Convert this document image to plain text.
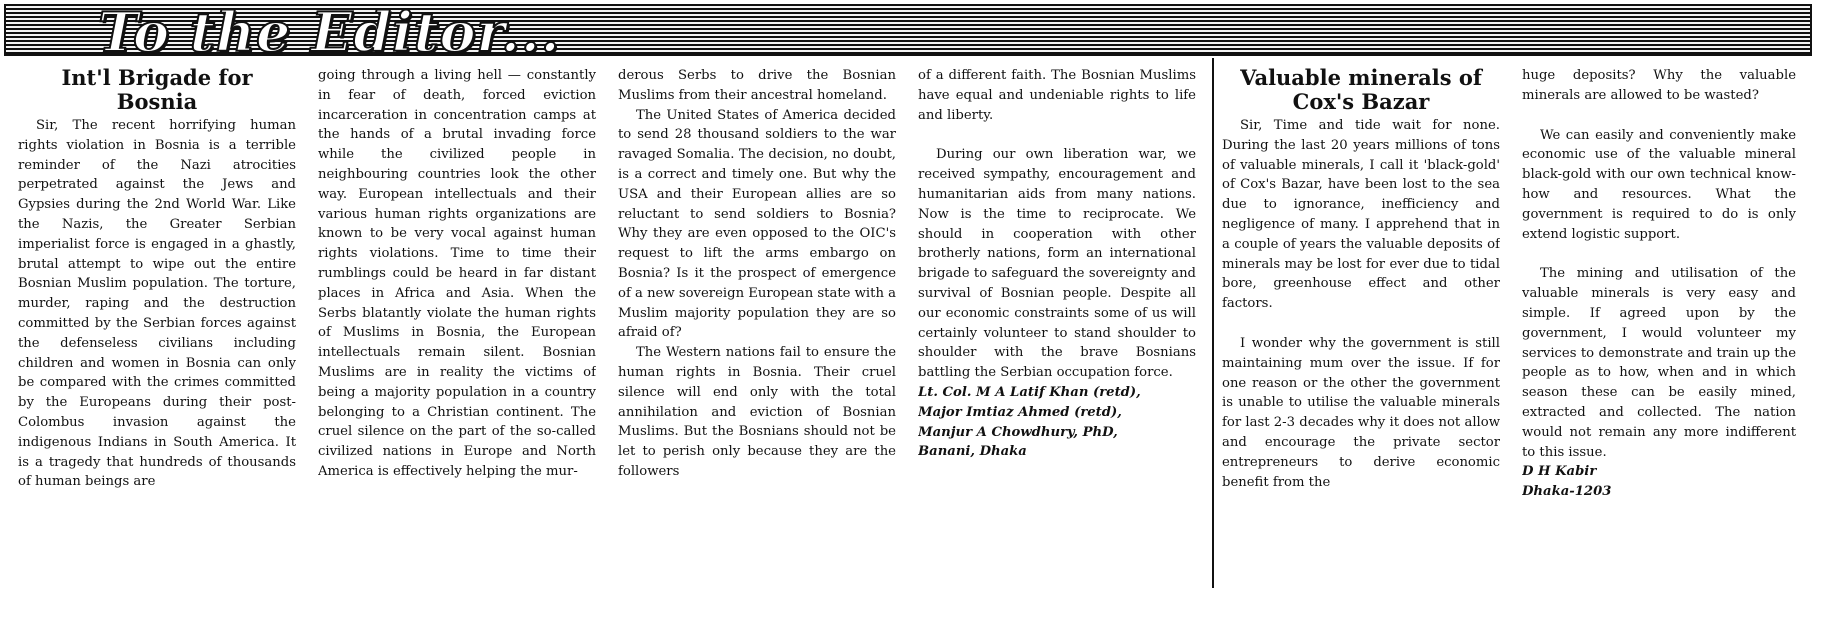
To the Editor...
Int'l Brigade for Bosnia

Sir, The recent horrifying human rights violation in Bosnia is a terrible reminder of the Nazi atrocities perpetrated against the Jews and Gypsies during the 2nd World War. Like the Nazis, the Greater Serbian imperialist force is engaged in a ghastly, brutal attempt to wipe out the entire Bosnian Muslim population. The torture, murder, raping and the destruction committed by the Serbian forces against the defenseless civilians including children and women in Bosnia can only be compared with the crimes committed by the Europeans during their post-Colombus invasion against the indigenous Indians in South America. It is a tragedy that hundreds of thousands of human beings are

going through a living hell — constantly in fear of death, forced eviction incarceration in concentration camps at the hands of a brutal invading force while the civilized people in neighbouring countries look the other way. European intellectuals and their various human rights organizations are known to be very vocal against human rights violations. Time to time their rumblings could be heard in far distant places in Africa and Asia. When the Serbs blatantly violate the human rights of Muslims in Bosnia, the European intellectuals remain silent. Bosnian Muslims are in reality the victims of being a majority population in a country belonging to a Christian continent. The cruel silence on the part of the so-called civilized nations in Europe and North America is effectively helping the mur-

derous Serbs to drive the Bosnian Muslims from their ancestral homeland.

The United States of America decided to send 28 thousand soldiers to the war ravaged Somalia. The decision, no doubt, is a correct and timely one. But why the USA and their European allies are so reluctant to send soldiers to Bosnia? Why they are even opposed to the OIC's request to lift the arms embargo on Bosnia? Is it the prospect of emergence of a new sovereign European state with a Muslim majority population they are so afraid of?

The Western nations fail to ensure the human rights in Bosnia. Their cruel silence will end only with the total annihilation and eviction of Bosnian Muslims. But the Bosnians should not be let to perish only because they are the followers

of a different faith. The Bosnian Muslims have equal and undeniable rights to life and liberty.

During our own liberation war, we received sympathy, encouragement and humanitarian aids from many nations. Now is the time to reciprocate. We should in cooperation with other brotherly nations, form an international brigade to safeguard the sovereignty and survival of Bosnian people. Despite all our economic constraints some of us will certainly volunteer to stand shoulder to shoulder with the brave Bosnians battling the Serbian occupation force.

Lt. Col. M A Latif Khan (retd),
Major Imtiaz Ahmed (retd),
Manjur A Chowdhury, PhD,
Banani, Dhaka
Valuable minerals of Cox's Bazar

Sir, Time and tide wait for none. During the last 20 years millions of tons of valuable minerals, I call it 'black-gold' of Cox's Bazar, have been lost to the sea due to ignorance, inefficiency and negligence of many. I apprehend that in a couple of years the valuable deposits of minerals may be lost for ever due to tidal bore, greenhouse effect and other factors.

I wonder why the government is still maintaining mum over the issue. If for one reason or the other the government is unable to utilise the valuable minerals for last 2-3 decades why it does not allow and encourage the private sector entrepreneurs to derive economic benefit from the

huge deposits? Why the valuable minerals are allowed to be wasted?

We can easily and conveniently make economic use of the valuable mineral black-gold with our own technical know-how and resources. What the government is required to do is only extend logistic support.

The mining and utilisation of the valuable minerals is very easy and simple. If agreed upon by the government, I would volunteer my services to demonstrate and train up the people as to how, when and in which season these can be easily mined, extracted and collected. The nation would not remain any more indifferent to this issue.

D H Kabir
Dhaka-1203
